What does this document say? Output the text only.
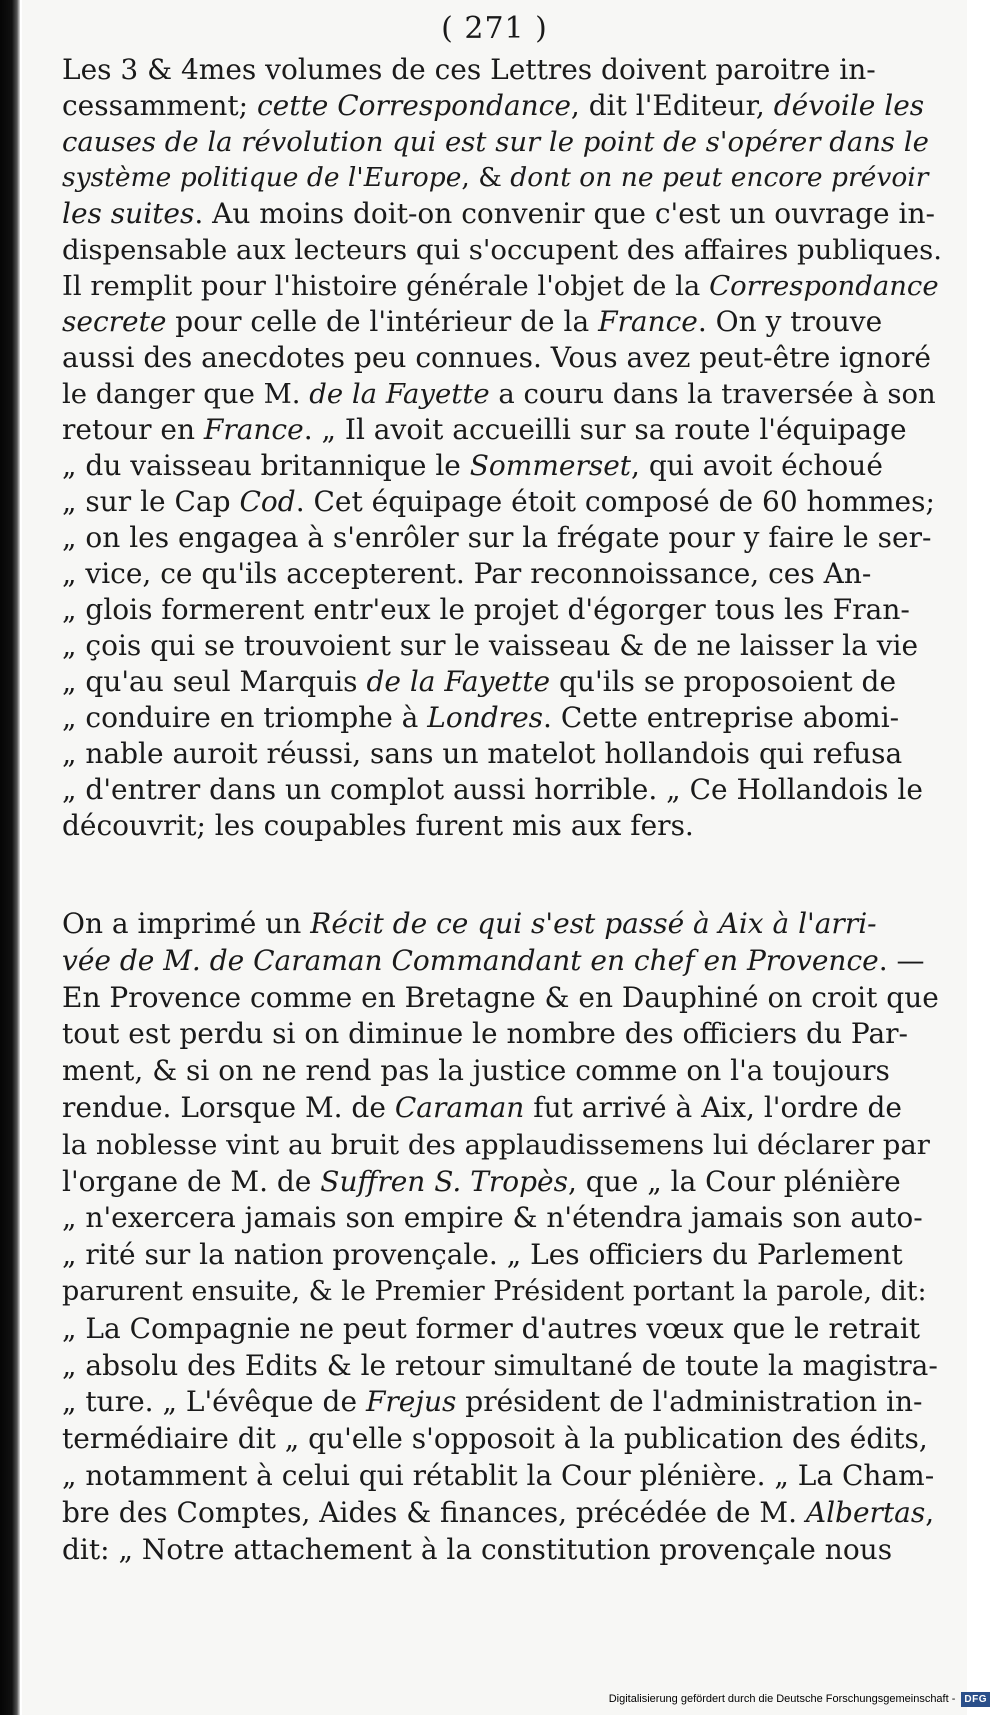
( 271 )
Les 3 & 4mes volumes de ces Lettres doivent paroitre in-
cessamment; cette Correspondance, dit l'Editeur, dévoile les
causes de la révolution qui est sur le point de s'opérer dans le
système politique de l'Europe, & dont on ne peut encore prévoir
les suites. Au moins doit-on convenir que c'est un ouvrage in-
dispensable aux lecteurs qui s'occupent des affaires publiques.
Il remplit pour l'histoire générale l'objet de la Correspondance
secrete pour celle de l'intérieur de la France. On y trouve
aussi des anecdotes peu connues. Vous avez peut-être ignoré
le danger que M. de la Fayette a couru dans la traversée à son
retour en France. „ Il avoit accueilli sur sa route l'équipage
„ du vaisseau britannique le Sommerset, qui avoit échoué
„ sur le Cap Cod. Cet équipage étoit composé de 60 hommes;
„ on les engagea à s'enrôler sur la frégate pour y faire le ser-
„ vice, ce qu'ils accepterent. Par reconnoissance, ces An-
„ glois formerent entr'eux le projet d'égorger tous les Fran-
„ çois qui se trouvoient sur le vaisseau & de ne laisser la vie
„ qu'au seul Marquis de la Fayette qu'ils se proposoient de
„ conduire en triomphe à Londres. Cette entreprise abomi-
„ nable auroit réussi, sans un matelot hollandois qui refusa
„ d'entrer dans un complot aussi horrible. „ Ce Hollandois le
découvrit; les coupables furent mis aux fers.
On a imprimé un Récit de ce qui s'est passé à Aix à l'arri-
vée de M. de Caraman Commandant en chef en Provence. —
En Provence comme en Bretagne & en Dauphiné on croit que
tout est perdu si on diminue le nombre des officiers du Par-
ment, & si on ne rend pas la justice comme on l'a toujours
rendue. Lorsque M. de Caraman fut arrivé à Aix, l'ordre de
la noblesse vint au bruit des applaudissemens lui déclarer par
l'organe de M. de Suffren S. Tropès, que „ la Cour plénière
„ n'exercera jamais son empire & n'étendra jamais son auto-
„ rité sur la nation provençale. „ Les officiers du Parlement
parurent ensuite, & le Premier Président portant la parole, dit:
„ La Compagnie ne peut former d'autres vœux que le retrait
„ absolu des Edits & le retour simultané de toute la magistra-
„ ture. „ L'évêque de Frejus président de l'administration in-
termédiaire dit „ qu'elle s'opposoit à la publication des édits,
„ notamment à celui qui rétablit la Cour plénière. „ La Cham-
bre des Comptes, Aides & finances, précédée de M. Albertas,
dit: „ Notre attachement à la constitution provençale nous
Digitalisierung gefördert durch die Deutsche Forschungsgemeinschaft - DFG
